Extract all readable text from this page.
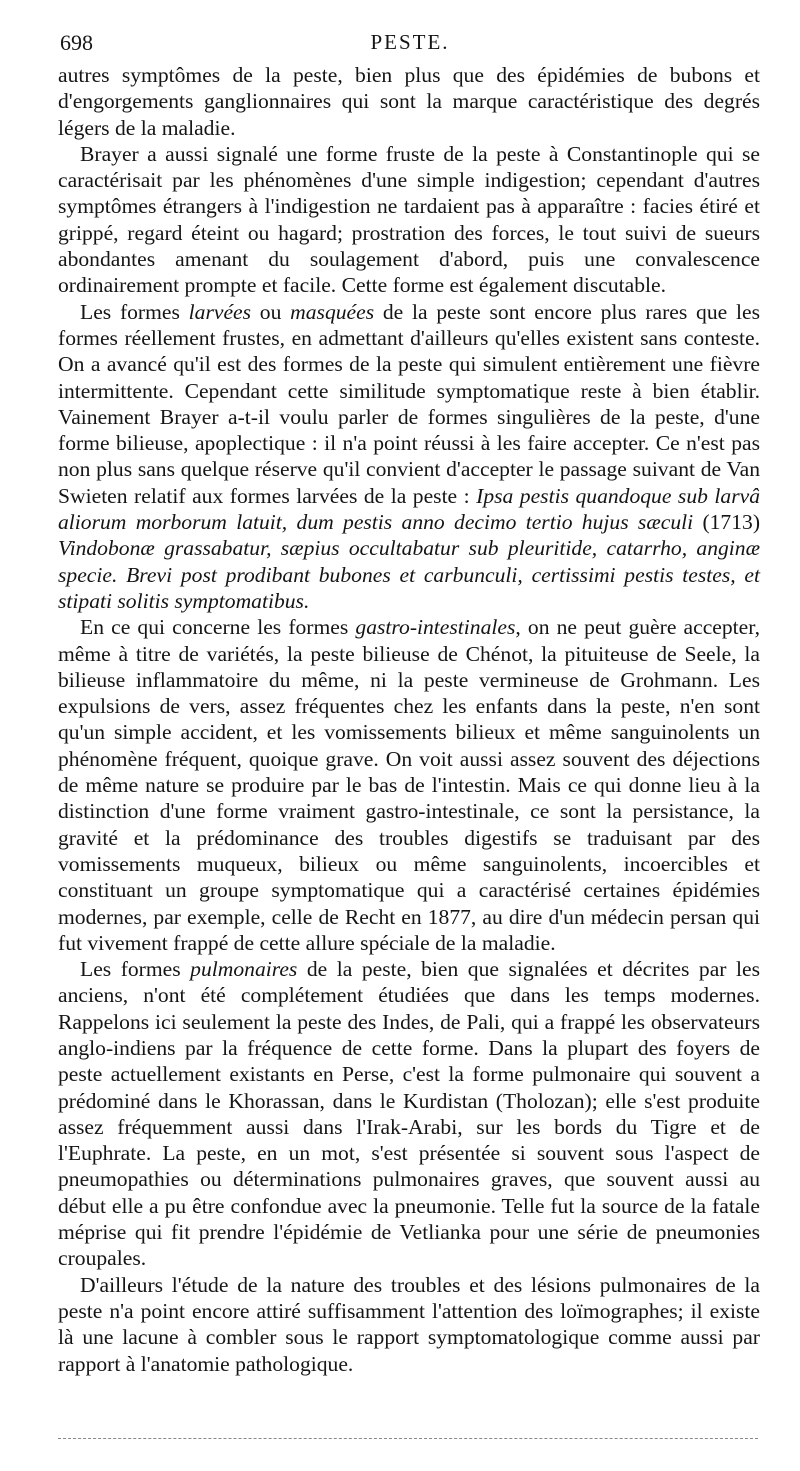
698	PESTE.

autres symptômes de la peste, bien plus que des épidémies de bubons et d'engorgements ganglionnaires qui sont la marque caractéristique des degrés légers de la maladie.

Brayer a aussi signalé une forme fruste de la peste à Constantinople qui se caractérisait par les phénomènes d'une simple indigestion; cependant d'autres symptômes étrangers à l'indigestion ne tardaient pas à apparaître : facies étiré et grippé, regard éteint ou hagard; prostration des forces, le tout suivi de sueurs abondantes amenant du soulagement d'abord, puis une convalescence ordinairement prompte et facile. Cette forme est également discutable.

Les formes larvées ou masquées de la peste sont encore plus rares que les formes réellement frustes, en admettant d'ailleurs qu'elles existent sans conteste. On a avancé qu'il est des formes de la peste qui simulent entièrement une fièvre intermittente. Cependant cette similitude symptomatique reste à bien établir. Vainement Brayer a-t-il voulu parler de formes singulières de la peste, d'une forme bilieuse, apoplectique : il n'a point réussi à les faire accepter. Ce n'est pas non plus sans quelque réserve qu'il convient d'accepter le passage suivant de Van Swieten relatif aux formes larvées de la peste : Ipsa pestis quandoque sub larvâ aliorum morborum latuit, dum pestis anno decimo tertio hujus sæculi (1713) Vindobonæ grassabatur, sæpius occultabatur sub pleuritide, catarrho, anginæ specie. Brevi post prodibant bubones et carbunculi, certissimi pestis testes, et stipati solitis symptomatibus.

En ce qui concerne les formes gastro-intestinales, on ne peut guère accepter, même à titre de variétés, la peste bilieuse de Chénot, la pituiteuse de Seele, la bilieuse inflammatoire du même, ni la peste vermineuse de Grohmann. Les expulsions de vers, assez fréquentes chez les enfants dans la peste, n'en sont qu'un simple accident, et les vomissements bilieux et même sanguinolents un phénomène fréquent, quoique grave. On voit aussi assez souvent des déjections de même nature se produire par le bas de l'intestin. Mais ce qui donne lieu à la distinction d'une forme vraiment gastro-intestinale, ce sont la persistance, la gravité et la prédominance des troubles digestifs se traduisant par des vomissements muqueux, bilieux ou même sanguinolents, incoercibles et constituant un groupe symptomatique qui a caractérisé certaines épidémies modernes, par exemple, celle de Recht en 1877, au dire d'un médecin persan qui fut vivement frappé de cette allure spéciale de la maladie.

Les formes pulmonaires de la peste, bien que signalées et décrites par les anciens, n'ont été complétement étudiées que dans les temps modernes. Rappelons ici seulement la peste des Indes, de Pali, qui a frappé les observateurs anglo-indiens par la fréquence de cette forme. Dans la plupart des foyers de peste actuellement existants en Perse, c'est la forme pulmonaire qui souvent a prédominé dans le Khorassan, dans le Kurdistan (Tholozan); elle s'est produite assez fréquemment aussi dans l'Irak-Arabi, sur les bords du Tigre et de l'Euphrate. La peste, en un mot, s'est présentée si souvent sous l'aspect de pneumopathies ou déterminations pulmonaires graves, que souvent aussi au début elle a pu être confondue avec la pneumonie. Telle fut la source de la fatale méprise qui fit prendre l'épidémie de Vetlianka pour une série de pneumonies croupales.

D'ailleurs l'étude de la nature des troubles et des lésions pulmonaires de la peste n'a point encore attiré suffisamment l'attention des loïmographes; il existe là une lacune à combler sous le rapport symptomatologique comme aussi par rapport à l'anatomie pathologique.
